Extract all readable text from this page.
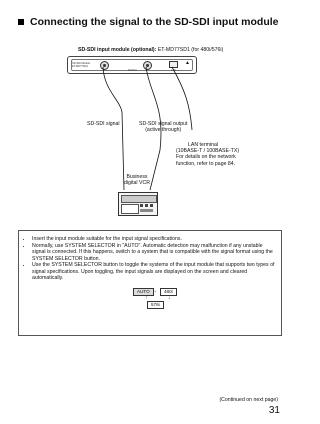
Connecting the signal to the SD-SDI input module
SD-SDI input module (optional): ET-MD77SD1 (for 480i/576i)
SD-SDI Module
ET-MD77SD1
SIGNAL	LAN
▲
SD-SDI signal	SD-SDI signal output
(active through)
LAN terminal
(10BASE-T / 100BASE-TX)
For details on the network
function, refer to page 84.
Business
digital VCR
• Insert the input module suitable for the input signal specifications.
• Normally, use SYSTEM SELECTOR in "AUTO". Automatic detection may malfunction if any unstable signal is connected. If this happens, switch to a system that is compatible with the signal format using the SYSTEM SELECTOR button.
• Use the SYSTEM SELECTOR button to toggle the systems of the input module that supports two types of signal specifications. Upon toggling, the input signals are displayed on the screen and cleared automatically.
AUTO →	480i
↑	↓
576i
(Continued on next page)
31
